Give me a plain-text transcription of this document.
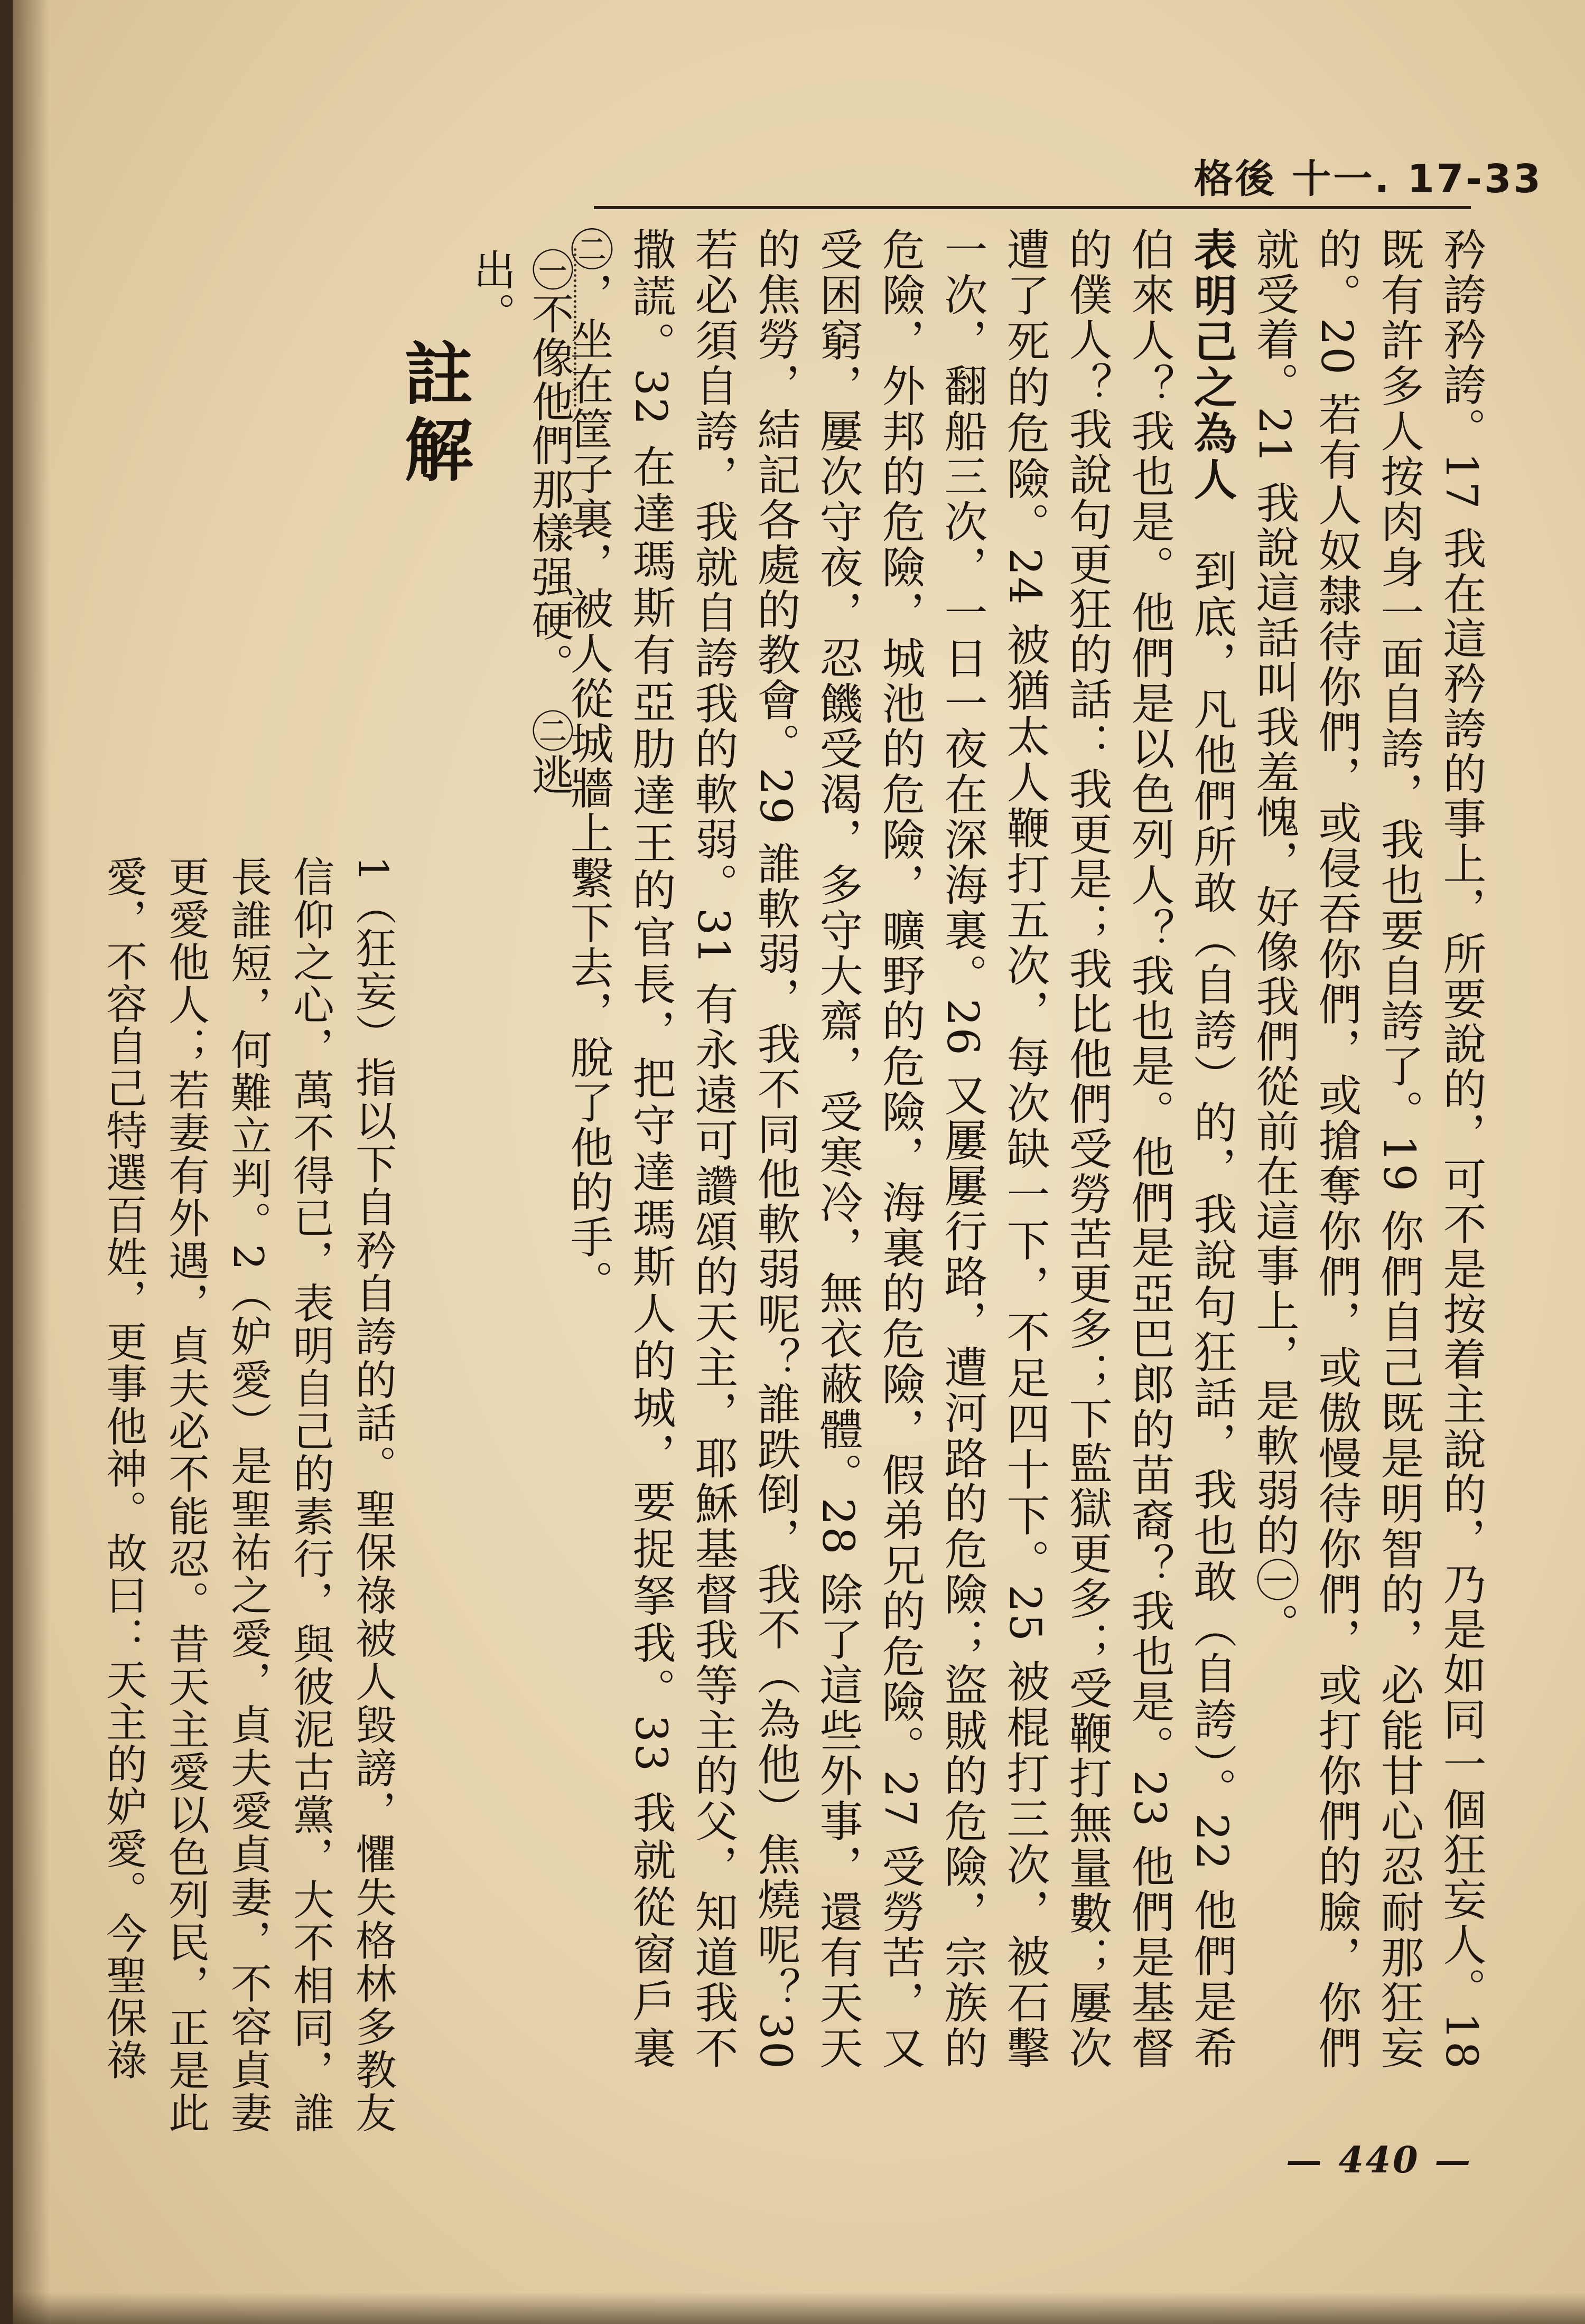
格後 十一. 17-33

矜誇矜誇。17 我在這矜誇的事上，所要說的，可不是按着主說的，乃是如同一個狂妄人。18 既有許多人按肉身一面自誇，我也要自誇了。19 你們自己既是明智的，必能甘心忍耐那狂妄的。20 若有人奴隸待你們，或侵吞你們，或搶奪你們，或傲慢待你們，或打你們的臉，你們就受着。21 我說這話叫我羞愧，好像我們從前在這事上，是軟弱的㊀。

表明己之為人　到底，凡他們所敢（自誇）的，我說句狂話，我也敢（自誇）。22 他們是希伯來人？我也是。他們是以色列人？我也是。他們是亞巴郎的苗裔？我也是。23 他們是基督的僕人？我說句更狂的話：我更是；我比他們受勞苦更多；下監獄更多；受鞭打無量數；屢次遭了死的危險。24 被猶太人鞭打五次，每次缺一下，不足四十下。25 被棍打三次，被石擊一次，翻船三次，一日一夜在深海裏。26 又屢屢行路，遭河路的危險；盜賊的危險，宗族的危險，外邦的危險，城池的危險，曠野的危險，海裏的危險，假弟兄的危險。27 受勞苦，又受困窮，屢次守夜，忍饑受渴，多守大齋，受寒冷，無衣蔽體。28 除了這些外事，還有天天的焦勞，結記各處的教會。29 誰軟弱，我不同他軟弱呢？誰跌倒，我不（為他）焦燒呢？30 若必須自誇，我就自誇我的軟弱。31 有永遠可讚頌的天主，耶穌基督我等主的父，知道我不撒謊。32 在達瑪斯有亞肋達王的官長，把守達瑪斯人的城，要捉拏我。33 我就從窗戶裏㊁，坐在筐子裏，被人從城牆上繫下去，脫了他的手。

㊀不像他們那樣强硬。　㊁逃出。
註解
1（狂妄）指以下自矜自誇的話。聖保祿被人毀謗，懼失格林多教友信仰之心，萬不得已，表明自己的素行，與彼泥古黨，大不相同，誰長誰短，何難立判。2（妒愛）是聖祐之愛，貞夫愛貞妻，不容貞妻更愛他人；若妻有外遇，貞夫必不能忍。昔天主愛以色列民，正是此愛，不容自己特選百姓，更事他神。故曰：天主的妒愛。今聖保祿
— 440 —
